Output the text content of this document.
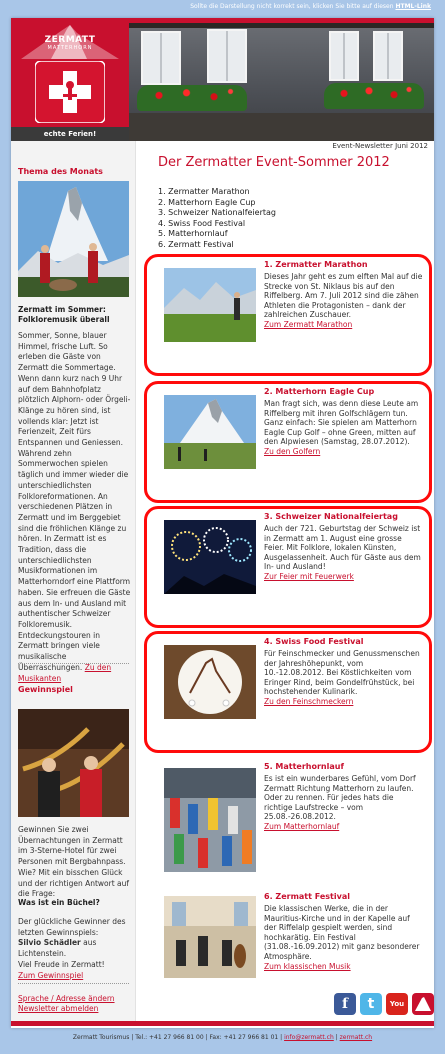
Sollte die Darstellung nicht korrekt sein, klicken Sie bitte auf diesen HTML-Link
ZERMATT
MATTERHORN
echte Ferien!
Thema des Monats
Zermatt im Sommer: Folkloremusik überall
Sommer, Sonne, blauer Himmel, frische Luft. So erleben die Gäste von Zermatt die Sommertage. Wenn dann kurz nach 9 Uhr auf dem Bahnhofplatz plötzlich Alphorn- oder Örgeli-Klänge zu hören sind, ist vollends klar: Jetzt ist Ferienzeit, Zeit fürs Entspannen und Geniessen. Während zehn Sommerwochen spielen täglich und immer wieder die unterschiedlichsten Folkloreformationen. An verschiedenen Plätzen in Zermatt und im Berggebiet sind die fröhlichen Klänge zu hören. In Zermatt ist es Tradition, dass die unterschiedlichsten Musikformationen im Matterhorndorf eine Plattform haben. Sie erfreuen die Gäste aus dem In- und Ausland mit authentischer Schweizer Folkloremusik. Entdeckungstouren in Zermatt bringen viele musikalische Überraschungen. Zu den Musikanten
Gewinnspiel
Gewinnen Sie zwei Übernachtungen in Zermatt im 3-Sterne-Hotel für zwei Personen mit Bergbahnpass. Wie? Mit ein bisschen Glück und der richtigen Antwort auf die Frage:
Was ist ein Büchel?
Der glückliche Gewinner des letzten Gewinnspiels:
Silvio Schädler aus Lichtenstein.
Viel Freude in Zermatt!
Zum Gewinnspiel
Sprache / Adresse ändern
Newsletter abmelden
Event-Newsletter Juni 2012
Der Zermatter Event-Sommer 2012
1. Zermatter Marathon
2. Matterhorn Eagle Cup
3. Schweizer Nationalfeiertag
4. Swiss Food Festival
5. Matterhornlauf
6. Zermatt Festival
1. Zermatter Marathon
Dieses Jahr geht es zum elften Mal auf die Strecke von St. Niklaus bis auf den Riffelberg. Am 7. Juli 2012 sind die zähen Athleten die Protagonisten – dank der zahlreichen Zuschauer.
Zum Zermatt Marathon
2. Matterhorn Eagle Cup
Man fragt sich, was denn diese Leute am Riffelberg mit ihren Golfschlägern tun. Ganz einfach: Sie spielen am Matterhorn Eagle Cup Golf – ohne Green, mitten auf den Alpwiesen (Samstag, 28.07.2012).
Zu den Golfern
3. Schweizer Nationalfeiertag
Auch der 721. Geburtstag der Schweiz ist in Zermatt am 1. August eine grosse Feier. Mit Folklore, lokalen Künsten, Ausgelassenheit. Auch für Gäste aus dem In- und Ausland!
Zur Feier mit Feuerwerk
4. Swiss Food Festival
Für Feinschmecker und Genussmenschen der Jahreshöhepunkt, vom 10.-12.08.2012. Bei Köstlichkeiten vom Eringer Rind, beim Gondelfrühstück, bei hochstehender Kulinarik.
Zu den Feinschmeckern
5. Matterhornlauf
Es ist ein wunderbares Gefühl, vom Dorf Zermatt Richtung Matterhorn zu laufen. Oder zu rennen. Für jedes hats die richtige Laufstrecke – vom 25.08.-26.08.2012.
Zum Matterhornlauf
6. Zermatt Festival
Die klassischen Werke, die in der Mauritius-Kirche und in der Kapelle auf der Riffelalp gespielt werden, sind hochkarätig. Ein Festival (31.08.-16.09.2012) mit ganz besonderer Atmosphäre.
Zum klassischen Musik
f	t	You
Zermatt Tourismus | Tel.: +41 27 966 81 00 | Fax: +41 27 966 81 01 | info@zermatt.ch | zermatt.ch
